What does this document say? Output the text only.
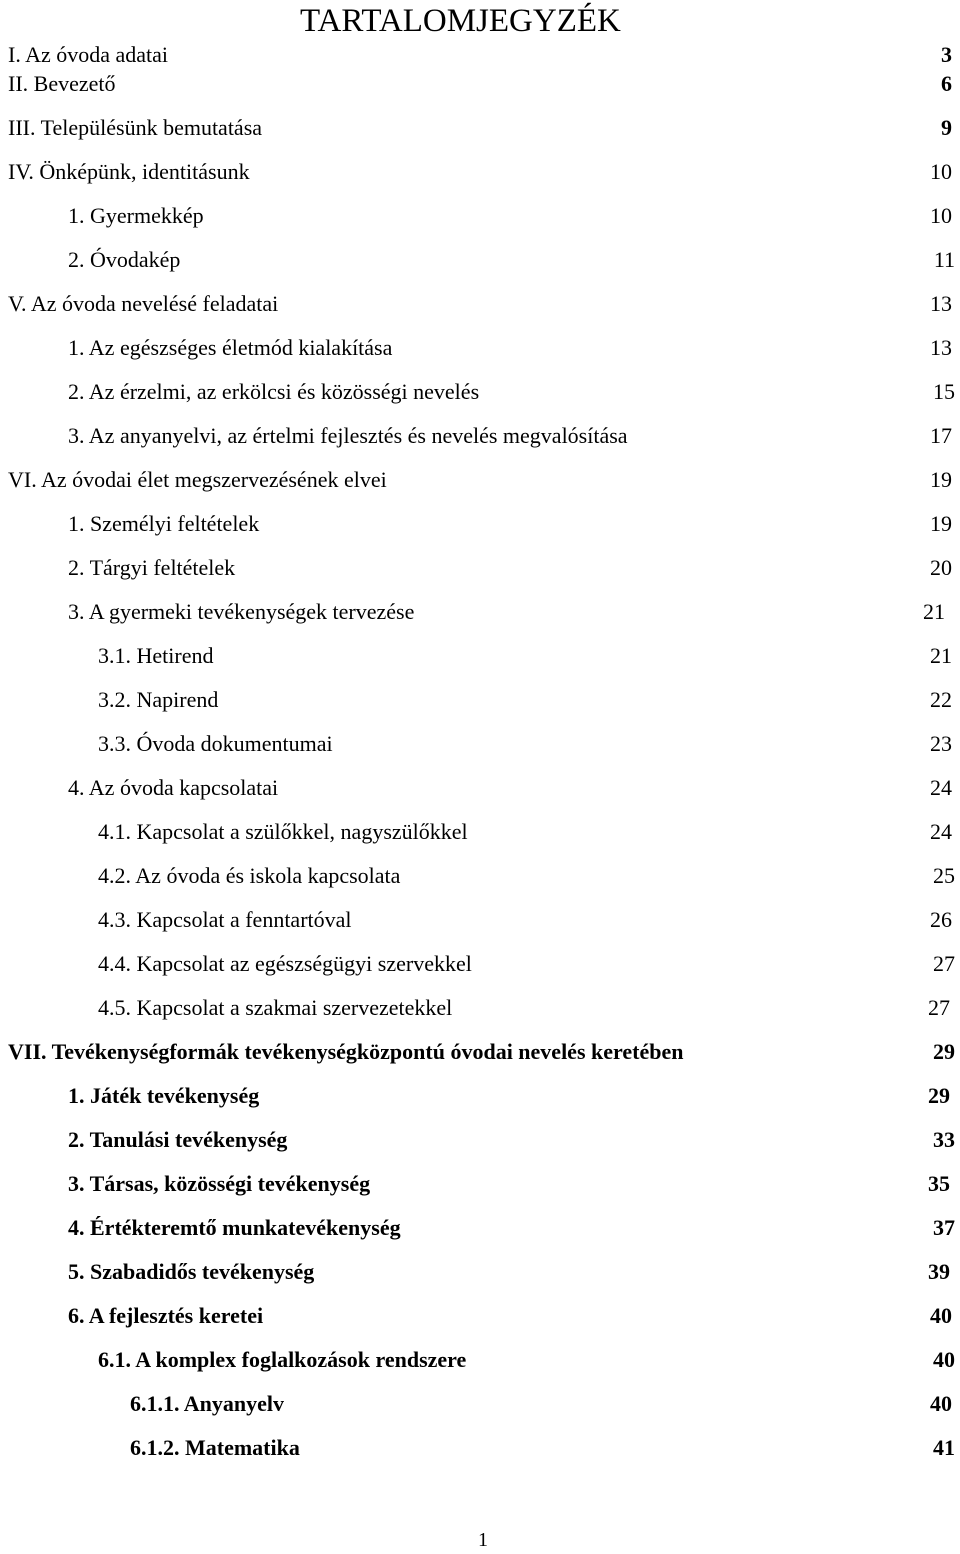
TARTALOMJEGYZÉK
I. Az óvoda adatai	3
II. Bevezető	6
III. Településünk bemutatása	9
IV. Önképünk, identitásunk	10
1. Gyermekkép	10
2. Óvodakép	11
V. Az óvoda nevelésé feladatai	13
1. Az egészséges életmód kialakítása	13
2. Az érzelmi, az erkölcsi és közösségi nevelés	15
3. Az anyanyelvi, az értelmi fejlesztés és nevelés megvalósítása	17
VI. Az óvodai élet megszervezésének elvei	19
1. Személyi feltételek	19
2. Tárgyi feltételek	20
3. A gyermeki tevékenységek tervezése	21
3.1. Hetirend	21
3.2. Napirend	22
3.3. Óvoda dokumentumai	23
4. Az óvoda kapcsolatai	24
4.1. Kapcsolat a szülőkkel, nagyszülőkkel	24
4.2. Az óvoda és iskola kapcsolata	25
4.3. Kapcsolat a fenntartóval	26
4.4. Kapcsolat az egészségügyi szervekkel	27
4.5. Kapcsolat a szakmai szervezetekkel	27
VII. Tevékenységformák tevékenységközpontú óvodai nevelés keretében	29
1. Játék tevékenység	29
2. Tanulási tevékenység	33
3. Társas, közösségi tevékenység	35
4. Értékteremtő munkatevékenység	37
5. Szabadidős tevékenység	39
6. A fejlesztés keretei	40
6.1. A komplex foglalkozások rendszere	40
6.1.1. Anyanyelv	40
6.1.2. Matematika	41
1
